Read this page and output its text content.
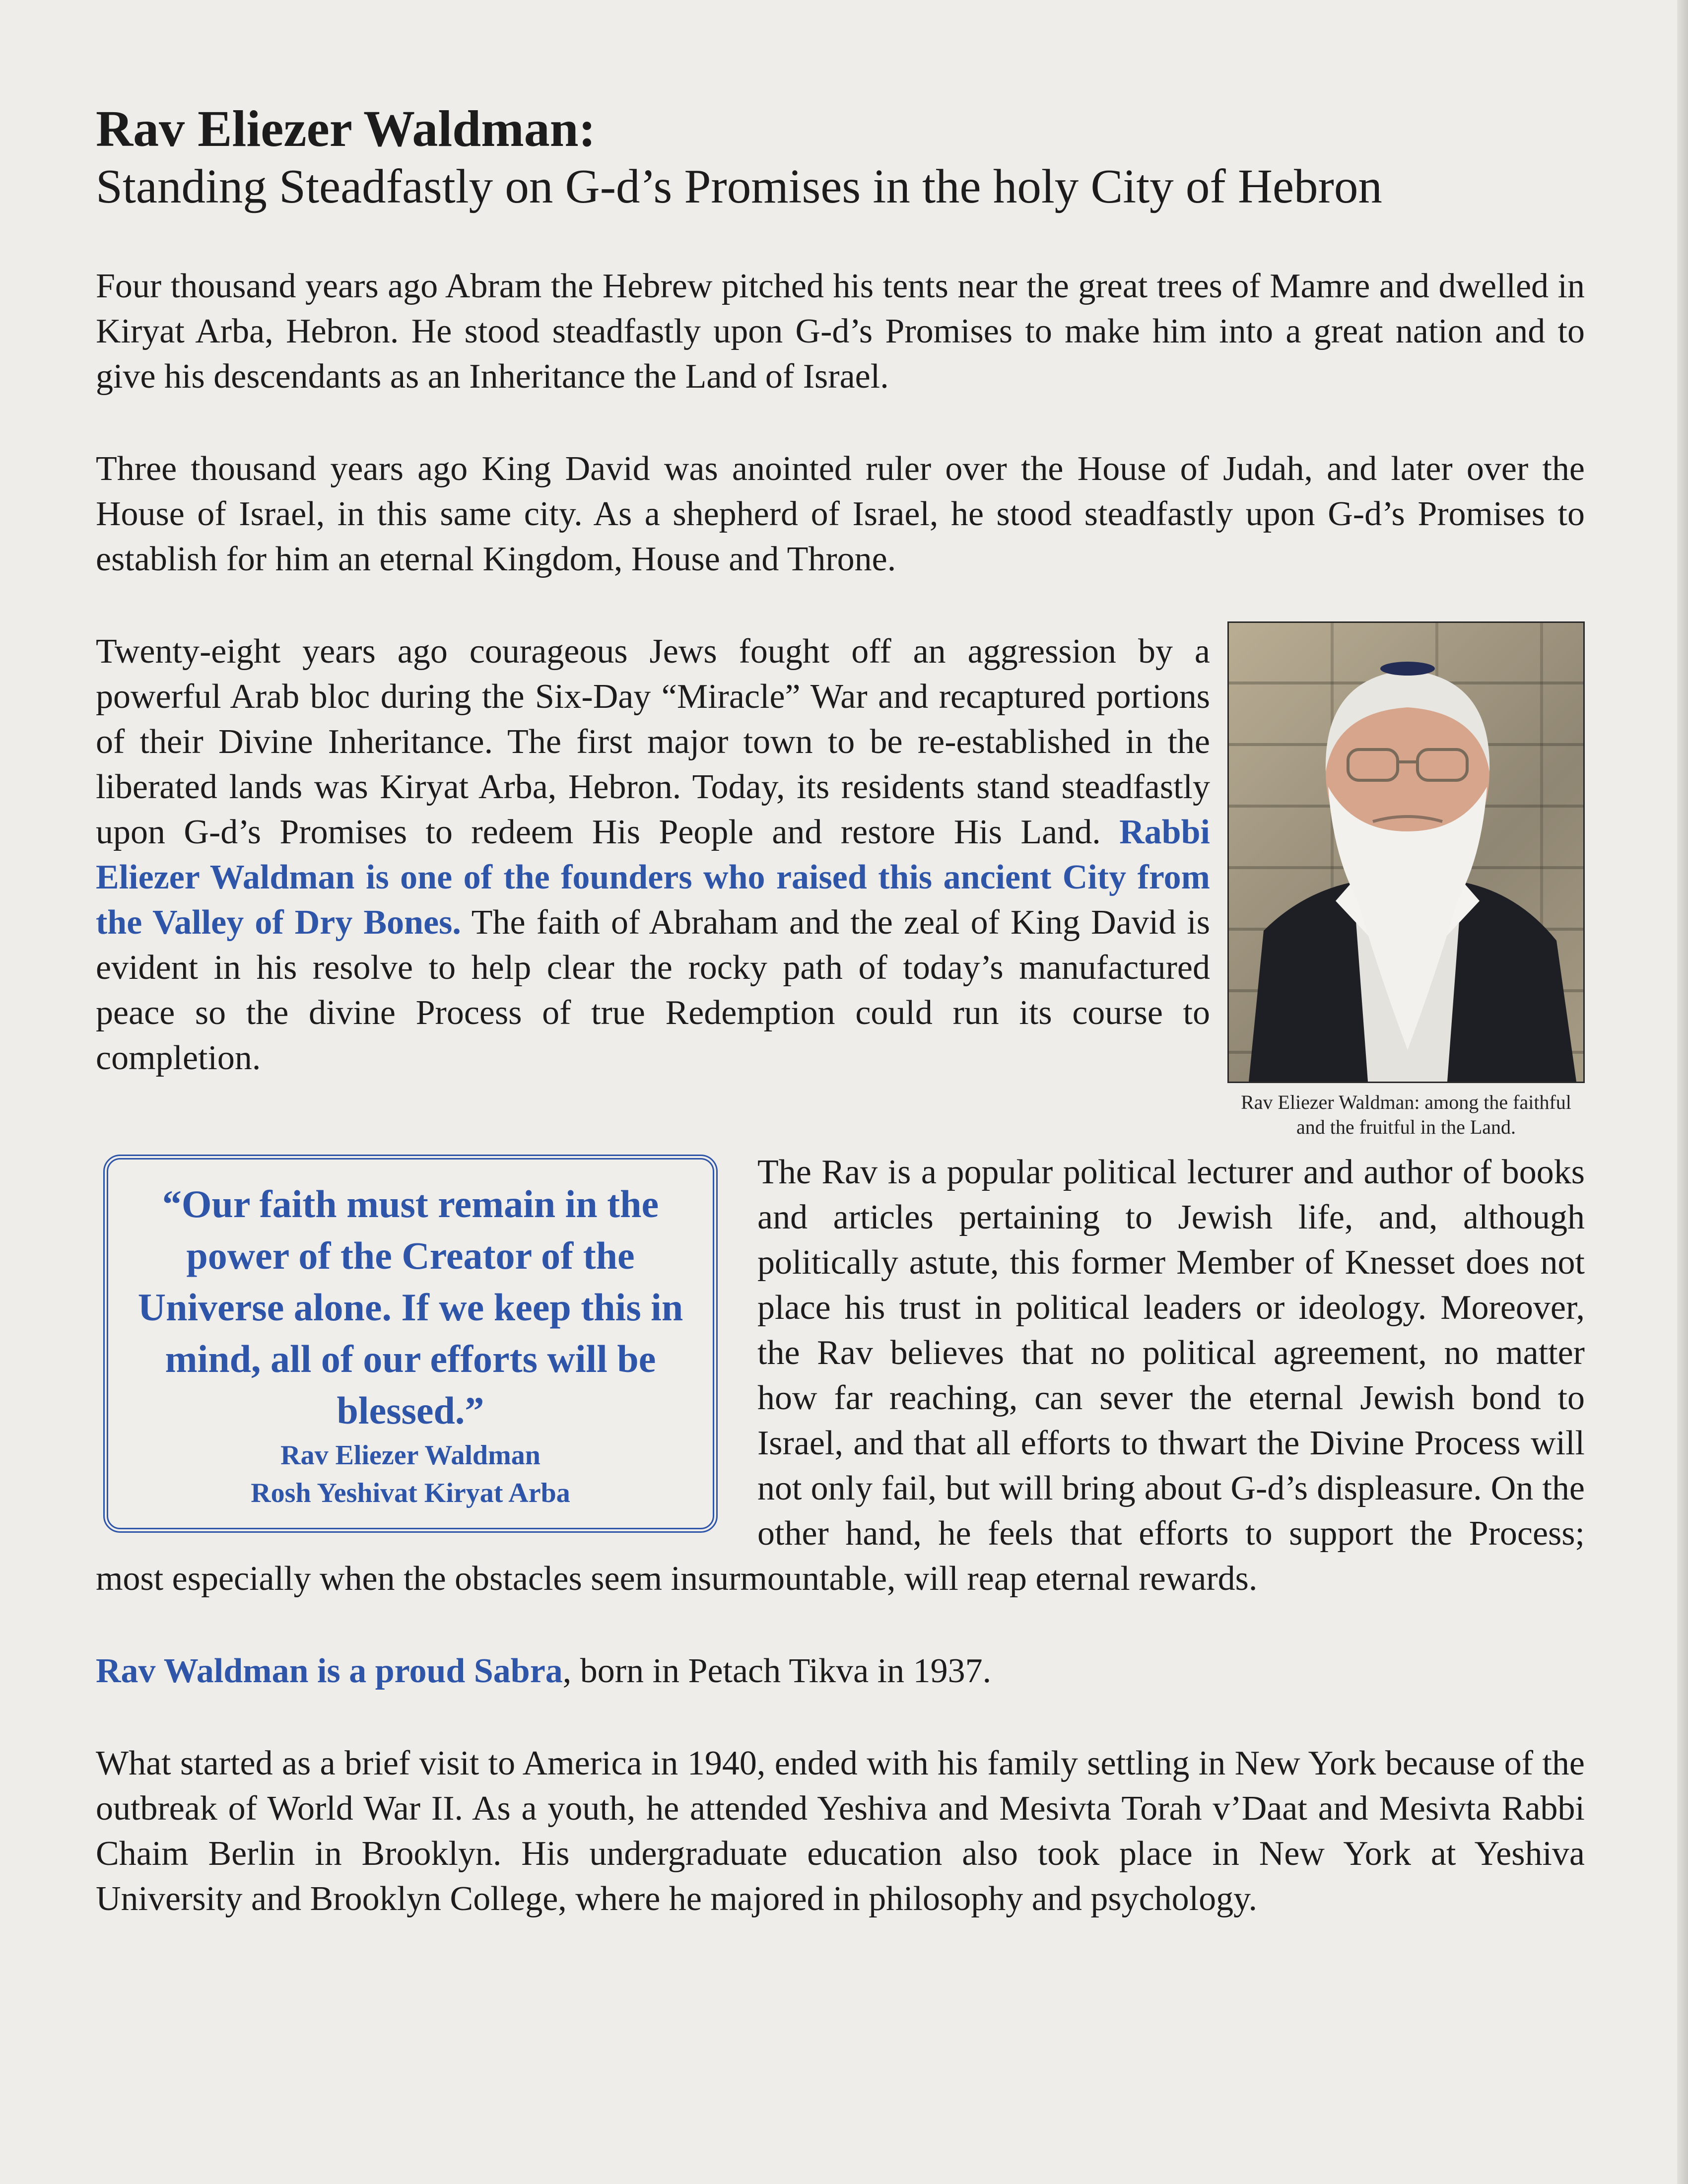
Rav Eliezer Waldman:
Standing Steadfastly on G-d’s Promises in the holy City of Hebron

Four thousand years ago Abram the Hebrew pitched his tents near the great trees of Mamre and dwelled in Kiryat Arba, Hebron. He stood steadfastly upon G-d’s Promises to make him into a great nation and to give his descendants as an Inheritance the Land of Israel.

Three thousand years ago King David was anointed ruler over the House of Judah, and later over the House of Israel, in this same city. As a shepherd of Israel, he stood steadfastly upon G-d’s Promises to establish for him an eternal Kingdom, House and Throne.

Rav Eliezer Waldman: among the faithful and the fruitful in the Land.

Twenty-eight years ago courageous Jews fought off an aggression by a powerful Arab bloc during the Six-Day “Miracle” War and recaptured portions of their Divine Inheritance. The first major town to be re-established in the liberated lands was Kiryat Arba, Hebron. Today, its residents stand steadfastly upon G-d’s Promises to redeem His People and restore His Land. Rabbi Eliezer Waldman is one of the founders who raised this ancient City from the Valley of Dry Bones. The faith of Abraham and the zeal of King David is evident in his resolve to help clear the rocky path of today’s manufactured peace so the divine Process of true Redemption could run its course to completion.

“Our faith must remain in the power of the Creator of the Universe alone. If we keep this in mind, all of our efforts will be blessed.”
Rav Eliezer Waldman
Rosh Yeshivat Kiryat Arba

The Rav is a popular political lecturer and author of books and articles pertaining to Jewish life, and, although politically astute, this former Member of Knesset does not place his trust in political leaders or ideology. Moreover, the Rav believes that no political agreement, no matter how far reaching, can sever the eternal Jewish bond to Israel, and that all efforts to thwart the Divine Process will not only fail, but will bring about G-d’s displeasure. On the other hand, he feels that efforts to support the Process; most especially when the obstacles seem insurmountable, will reap eternal rewards.

Rav Waldman is a proud Sabra, born in Petach Tikva in 1937.

What started as a brief visit to America in 1940, ended with his family settling in New York because of the outbreak of World War II. As a youth, he attended Yeshiva and Mesivta Torah v’Daat and Mesivta Rabbi Chaim Berlin in Brooklyn. His undergraduate education also took place in New York at Yeshiva University and Brooklyn College, where he majored in philosophy and psychology.
